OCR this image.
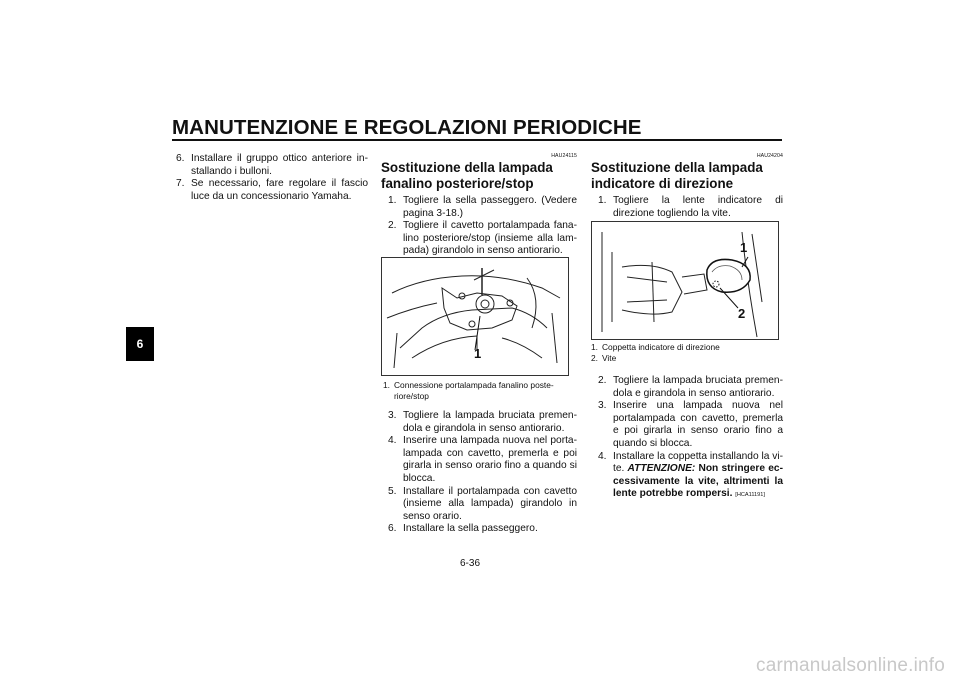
MANUTENZIONE E REGOLAZIONI PERIODICHE
6
6. Installare il gruppo ottico anteriore installando i bulloni.
7. Se necessario, fare regolare il fascio luce da un concessionario Yamaha.
HAU24115
Sostituzione della lampada fanalino posteriore/stop
1. Togliere la sella passeggero. (Vedere pagina 3-18.)
2. Togliere il cavetto portalampada fanalino posteriore/stop (insieme alla lampada) girandolo in senso antiorario.
1
1. Connessione portalampada fanalino posteriore/stop
3. Togliere la lampada bruciata premendola e girandola in senso antiorario.
4. Inserire una lampada nuova nel portalampada con cavetto, premerla e poi girarla in senso orario fino a quando si blocca.
5. Installare il portalampada con cavetto (insieme alla lampada) girandolo in senso orario.
6. Installare la sella passeggero.
HAU24204
Sostituzione della lampada indicatore di direzione
1. Togliere la lente indicatore di direzione togliendo la vite.
1
2
1. Coppetta indicatore di direzione
2. Vite
2. Togliere la lampada bruciata premendola e girandola in senso antiorario.
3. Inserire una lampada nuova nel portalampada con cavetto, premerla e poi girarla in senso orario fino a quando si blocca.
4. Installare la coppetta installando la vite. ATTENZIONE: Non stringere eccessivamente la vite, altrimenti la lente potrebbe rompersi. [HCA11191]
6-36
carmanualsonline.info
